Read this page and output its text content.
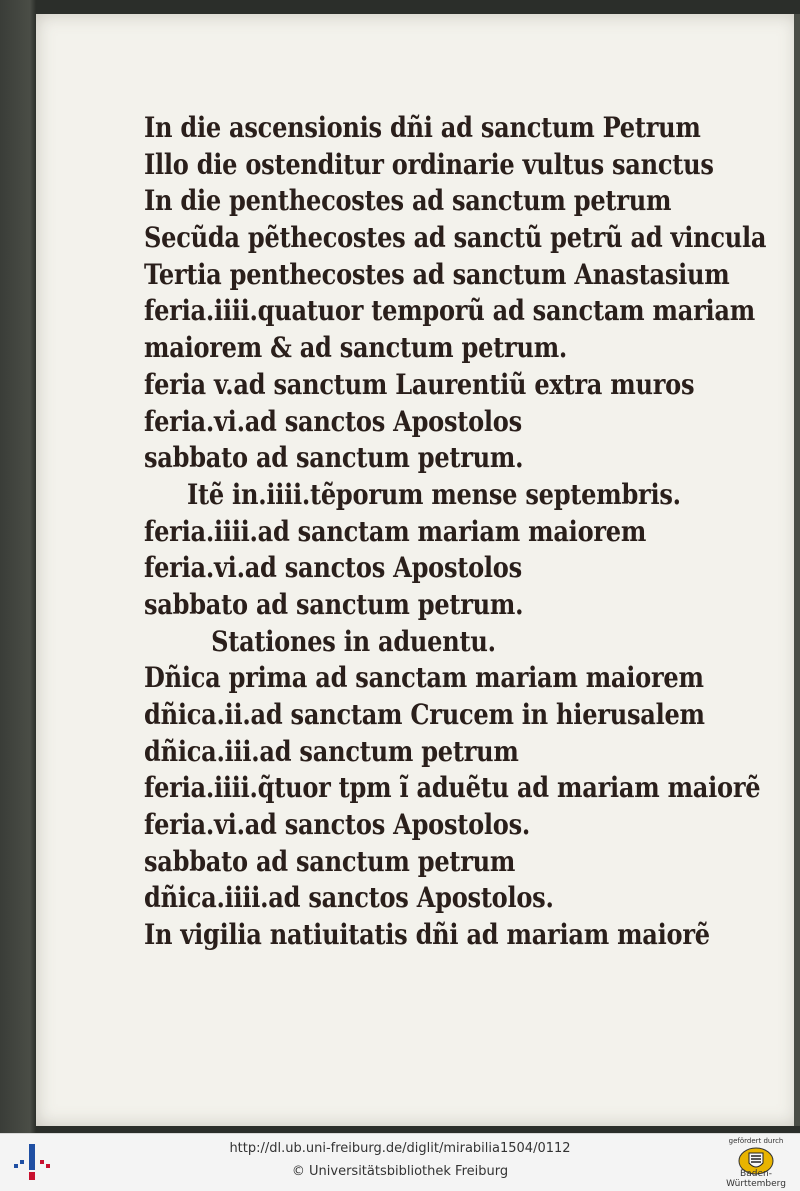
In die ascensionis dñi ad sanctum Petrum
Illo die ostenditur ordinarie vultus sanctus
In die penthecostes ad sanctum petrum
Secũda pẽthecostes ad sanctũ petrũ ad vincula
Tertia penthecostes ad sanctum Anastasium
feria.iiii.quatuor temporũ ad sanctam mariam
maiorem & ad sanctum petrum.
feria v.ad sanctum Laurentiũ extra muros
feria.vi.ad sanctos Apostolos
sabbato ad sanctum petrum.
Itẽ in.iiii.tẽporum mense septembris.
feria.iiii.ad sanctam mariam maiorem
feria.vi.ad sanctos Apostolos
sabbato ad sanctum petrum.
Stationes in aduentu.
Dñica prima ad sanctam mariam maiorem
dñica.ii.ad sanctam Crucem in hierusalem
dñica.iii.ad sanctum petrum
feria.iiii.q̃tuor tpm ĩ aduẽtu ad mariam maiorẽ
feria.vi.ad sanctos Apostolos.
sabbato ad sanctum petrum
dñica.iiii.ad sanctos Apostolos.
In vigilia natiuitatis dñi ad mariam maiorẽ
http://dl.ub.uni-freiburg.de/diglit/mirabilia1504/0112
© Universitätsbibliothek Freiburg
gefördert durch
Baden-Württemberg
